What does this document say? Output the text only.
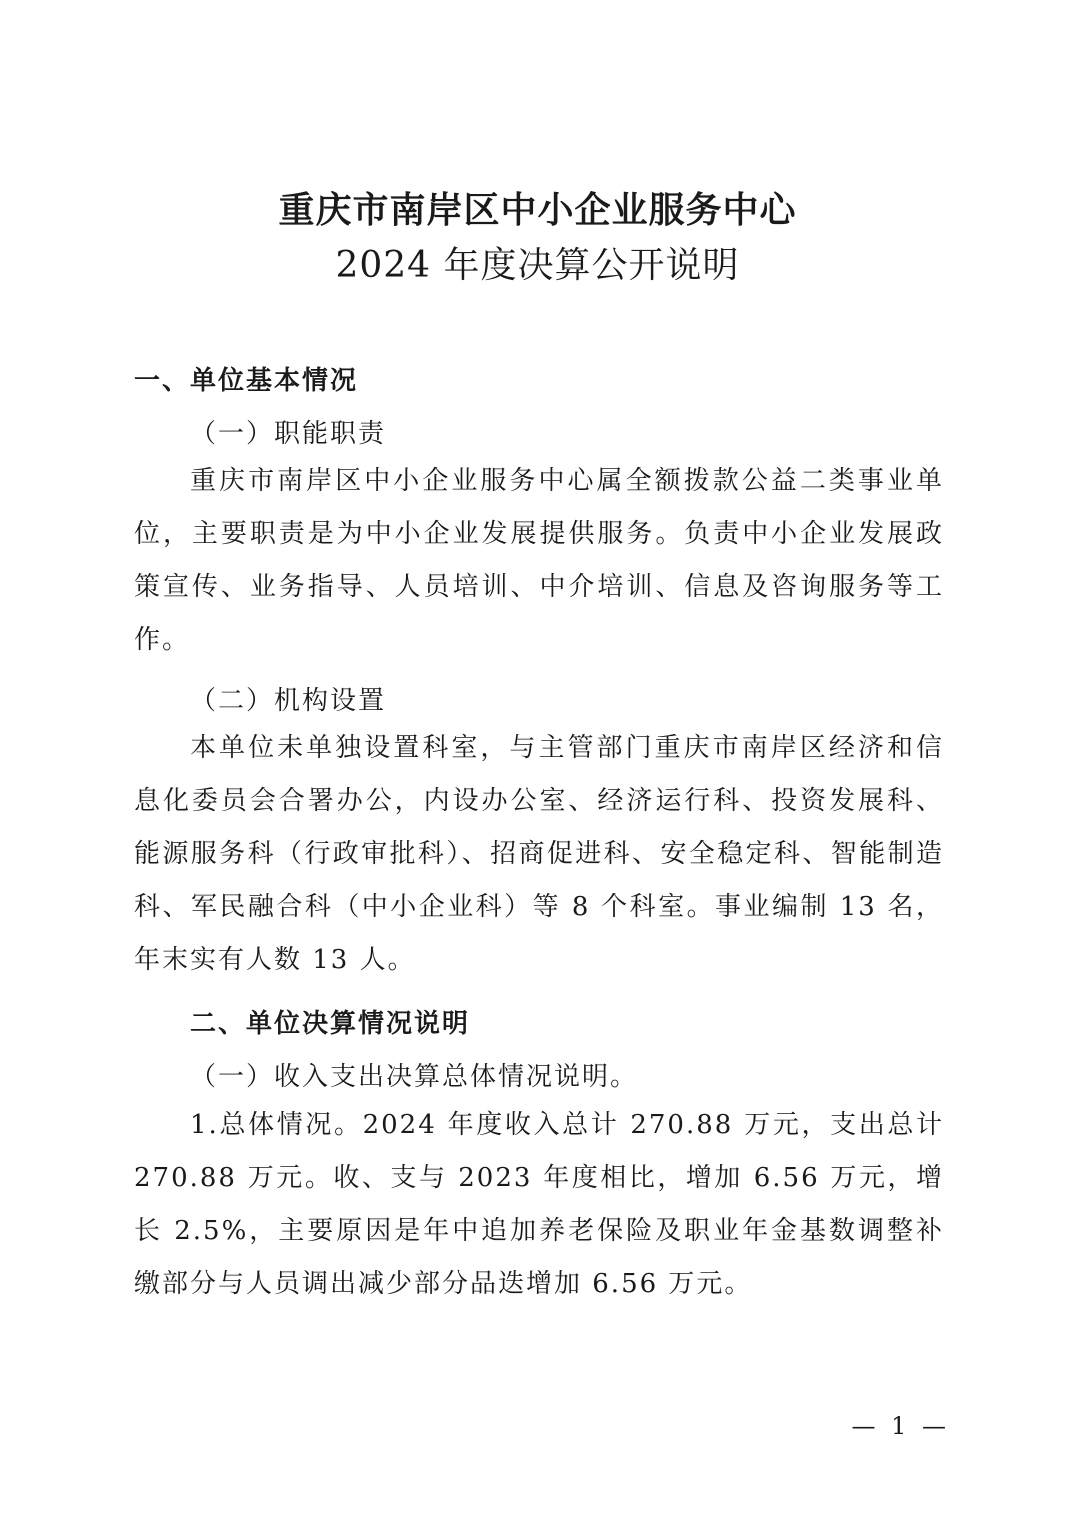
重庆市南岸区中小企业服务中心
2024 年度决算公开说明
一、单位基本情况
（一）职能职责
重庆市南岸区中小企业服务中心属全额拨款公益二类事业单位，主要职责是为中小企业发展提供服务。负责中小企业发展政策宣传、业务指导、人员培训、中介培训、信息及咨询服务等工作。
（二）机构设置
本单位未单独设置科室，与主管部门重庆市南岸区经济和信息化委员会合署办公，内设办公室、经济运行科、投资发展科、能源服务科（行政审批科）、招商促进科、安全稳定科、智能制造科、军民融合科（中小企业科）等 8 个科室。事业编制 13 名，年末实有人数 13 人。
二、单位决算情况说明
（一）收入支出决算总体情况说明。
1.总体情况。2024 年度收入总计 270.88 万元，支出总计 270.88 万元。收、支与 2023 年度相比，增加 6.56 万元，增长 2.5%，主要原因是年中追加养老保险及职业年金基数调整补缴部分与人员调出减少部分品迭增加 6.56 万元。
— 1 —
